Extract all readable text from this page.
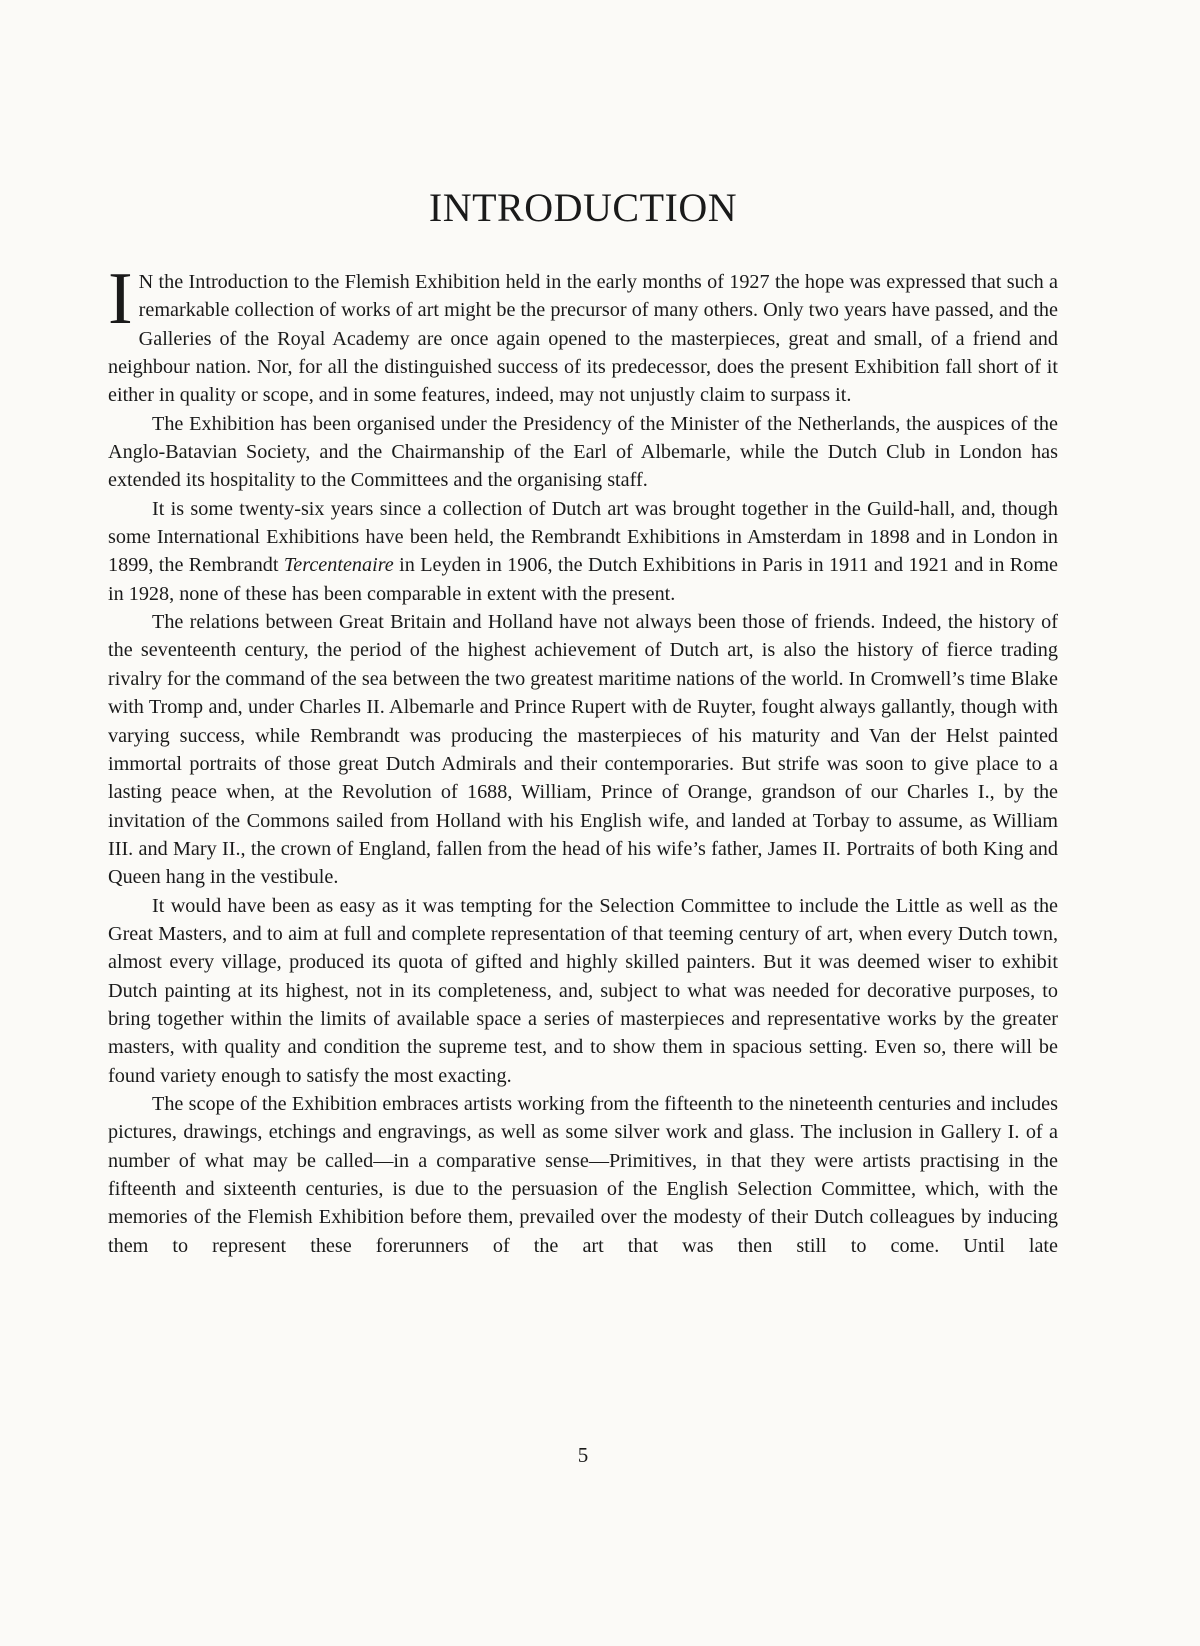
INTRODUCTION

I N the Introduction to the Flemish Exhibition held in the early months of 1927 the hope was expressed that such a remarkable collection of works of art might be the precursor of many others. Only two years have passed, and the Galleries of the Royal Academy are once again opened to the masterpieces, great and small, of a friend and neighbour nation. Nor, for all the distinguished success of its predecessor, does the present Exhibition fall short of it either in quality or scope, and in some features, indeed, may not unjustly claim to surpass it.

The Exhibition has been organised under the Presidency of the Minister of the Netherlands, the auspices of the Anglo-Batavian Society, and the Chairmanship of the Earl of Albemarle, while the Dutch Club in London has extended its hospitality to the Committees and the organising staff.

It is some twenty-six years since a collection of Dutch art was brought together in the Guild-hall, and, though some International Exhibitions have been held, the Rembrandt Exhibitions in Amsterdam in 1898 and in London in 1899, the Rembrandt Tercentenaire in Leyden in 1906, the Dutch Exhibitions in Paris in 1911 and 1921 and in Rome in 1928, none of these has been comparable in extent with the present.

The relations between Great Britain and Holland have not always been those of friends. Indeed, the history of the seventeenth century, the period of the highest achievement of Dutch art, is also the history of fierce trading rivalry for the command of the sea between the two greatest maritime nations of the world. In Cromwell’s time Blake with Tromp and, under Charles II. Albemarle and Prince Rupert with de Ruyter, fought always gallantly, though with varying success, while Rembrandt was producing the masterpieces of his maturity and Van der Helst painted immortal portraits of those great Dutch Admirals and their contemporaries. But strife was soon to give place to a lasting peace when, at the Revolution of 1688, William, Prince of Orange, grandson of our Charles I., by the invitation of the Commons sailed from Holland with his English wife, and landed at Torbay to assume, as William III. and Mary II., the crown of England, fallen from the head of his wife’s father, James II. Portraits of both King and Queen hang in the vestibule.

It would have been as easy as it was tempting for the Selection Committee to include the Little as well as the Great Masters, and to aim at full and complete representation of that teeming century of art, when every Dutch town, almost every village, produced its quota of gifted and highly skilled painters. But it was deemed wiser to exhibit Dutch painting at its highest, not in its completeness, and, subject to what was needed for decorative purposes, to bring together within the limits of available space a series of masterpieces and representative works by the greater masters, with quality and condition the supreme test, and to show them in spacious setting. Even so, there will be found variety enough to satisfy the most exacting.

The scope of the Exhibition embraces artists working from the fifteenth to the nineteenth centuries and includes pictures, drawings, etchings and engravings, as well as some silver work and glass. The inclusion in Gallery I. of a number of what may be called—in a comparative sense—Primitives, in that they were artists practising in the fifteenth and sixteenth centuries, is due to the persuasion of the English Selection Committee, which, with the memories of the Flemish Exhibition before them, prevailed over the modesty of their Dutch colleagues by inducing them to represent these forerunners of the art that was then still to come. Until late

5
